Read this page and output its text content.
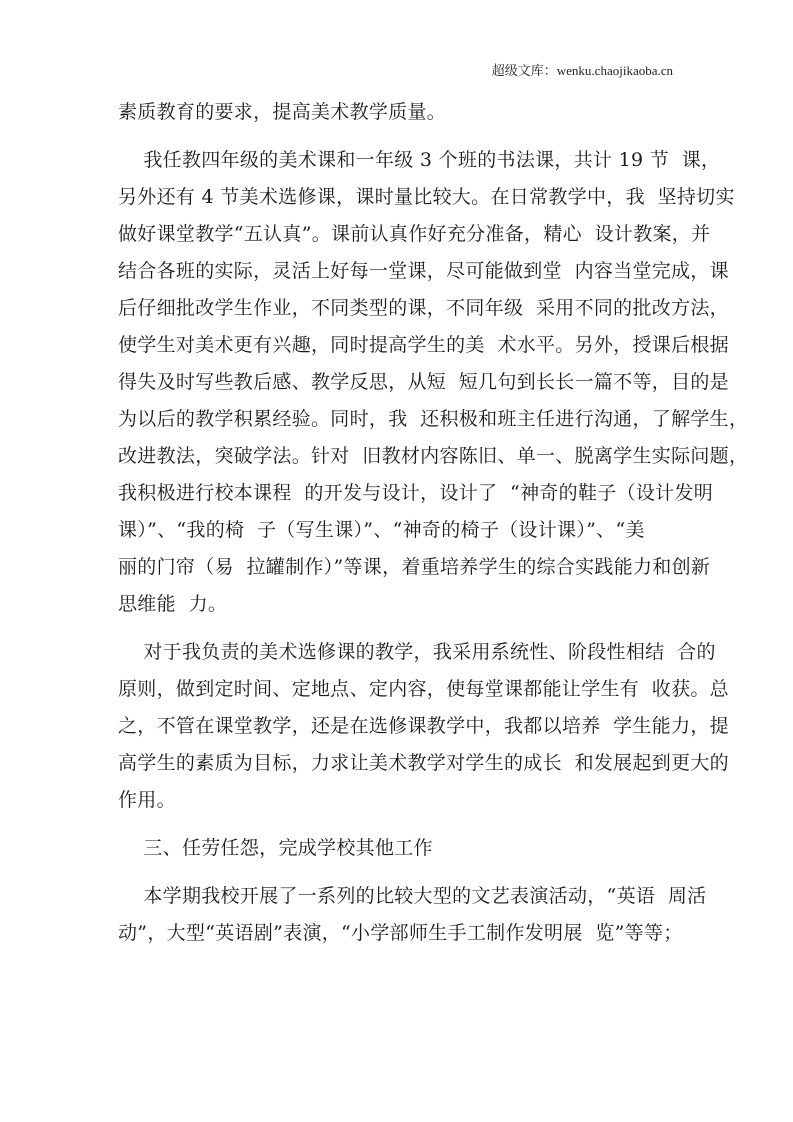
超级文库：wenku.chaojikaoba.cn
素质教育的要求，提高美术教学质量。
我任教四年级的美术课和一年级 3 个班的书法课，共计 19 节  课，
另外还有 4 节美术选修课，课时量比较大。在日常教学中，我  坚持切实
做好课堂教学“五认真”。课前认真作好充分准备，精心  设计教案，并
结合各班的实际，灵活上好每一堂课，尽可能做到堂  内容当堂完成，课
后仔细批改学生作业，不同类型的课，不同年级  采用不同的批改方法，
使学生对美术更有兴趣，同时提高学生的美  术水平。另外，授课后根据
得失及时写些教后感、教学反思，从短  短几句到长长一篇不等，目的是
为以后的教学积累经验。同时，我  还积极和班主任进行沟通，了解学生，
改进教法，突破学法。针对  旧教材内容陈旧、单一、脱离学生实际问题，
我积极进行校本课程  的开发与设计，设计了  “神奇的鞋子（设计发明
课）”、“我的椅  子（写生课）”、“神奇的椅子（设计课）”、“美
丽的门帘（易  拉罐制作）”等课，着重培养学生的综合实践能力和创新
思维能  力。
对于我负责的美术选修课的教学，我采用系统性、阶段性相结  合的
原则，做到定时间、定地点、定内容，使每堂课都能让学生有  收获。总
之，不管在课堂教学，还是在选修课教学中，我都以培养  学生能力，提
高学生的素质为目标，力求让美术教学对学生的成长  和发展起到更大的
作用。
三、任劳任怨，完成学校其他工作
本学期我校开展了一系列的比较大型的文艺表演活动，“英语  周活
动”，大型“英语剧”表演，“小学部师生手工制作发明展  览”等等；
